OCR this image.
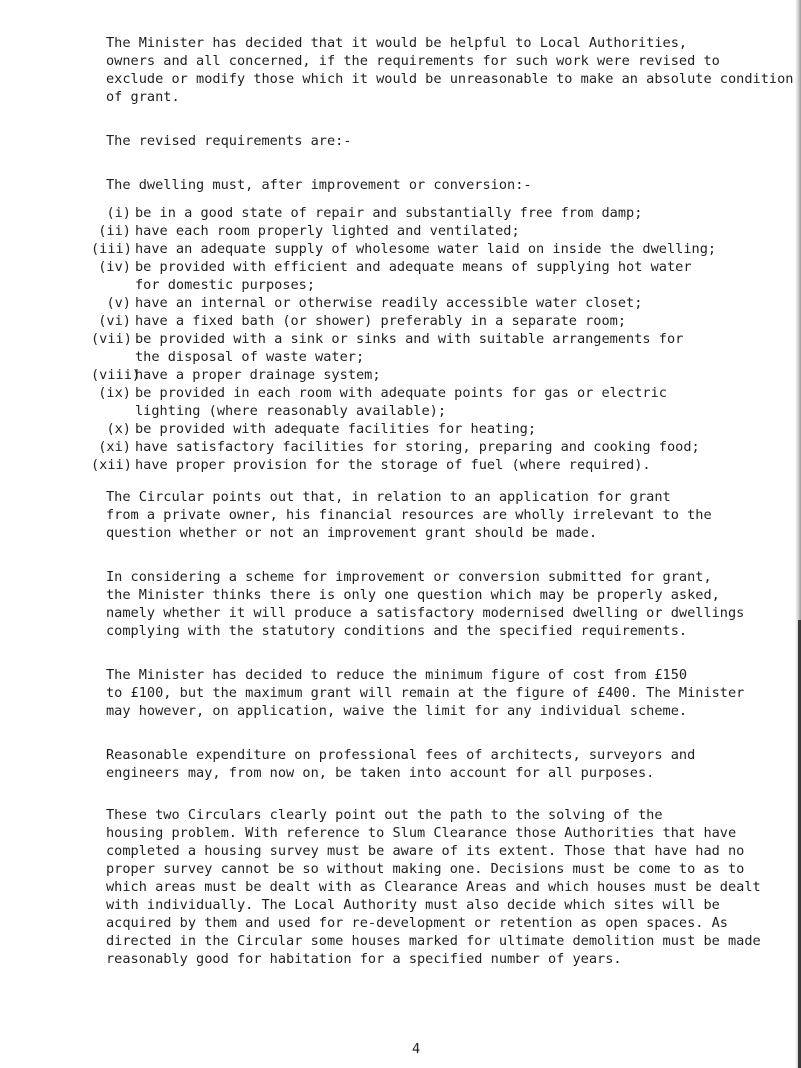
The Minister has decided that it would be helpful to Local Authorities,
owners and all concerned, if the requirements for such work were revised to
exclude or modify those which it would be unreasonable to make an absolute condition
of grant.
The revised requirements are:-
The dwelling must, after improvement or conversion:-
(i) be in a good state of repair and substantially free from damp;
(ii) have each room properly lighted and ventilated;
(iii) have an adequate supply of wholesome water laid on inside the dwelling;
(iv) be provided with efficient and adequate means of supplying hot water
for domestic purposes;
(v) have an internal or otherwise readily accessible water closet;
(vi) have a fixed bath (or shower) preferably in a separate room;
(vii) be provided with a sink or sinks and with suitable arrangements for
the disposal of waste water;
(viii)
have a proper drainage system;
(ix) be provided in each room with adequate points for gas or electric
lighting (where reasonably available);
(x) be provided with adequate facilities for heating;
(xi) have satisfactory facilities for storing, preparing and cooking food;
(xii) have proper provision for the storage of fuel (where required).
The Circular points out that, in relation to an application for grant
from a private owner, his financial resources are wholly irrelevant to the
question whether or not an improvement grant should be made.
In considering a scheme for improvement or conversion submitted for grant,
the Minister thinks there is only one question which may be properly asked,
namely whether it will produce a satisfactory modernised dwelling or dwellings
complying with the statutory conditions and the specified requirements.
The Minister has decided to reduce the minimum figure of cost from £150
to £100, but the maximum grant will remain at the figure of £400. The Minister
may however, on application, waive the limit for any individual scheme.
Reasonable expenditure on professional fees of architects, surveyors and
engineers may, from now on, be taken into account for all purposes.
These two Circulars clearly point out the path to the solving of the
housing problem. With reference to Slum Clearance those Authorities that have
completed a housing survey must be aware of its extent. Those that have had no
proper survey cannot be so without making one. Decisions must be come to as to
which areas must be dealt with as Clearance Areas and which houses must be dealt
with individually. The Local Authority must also decide which sites will be
acquired by them and used for re-development or retention as open spaces. As
directed in the Circular some houses marked for ultimate demolition must be made
reasonably good for habitation for a specified number of years.
4
